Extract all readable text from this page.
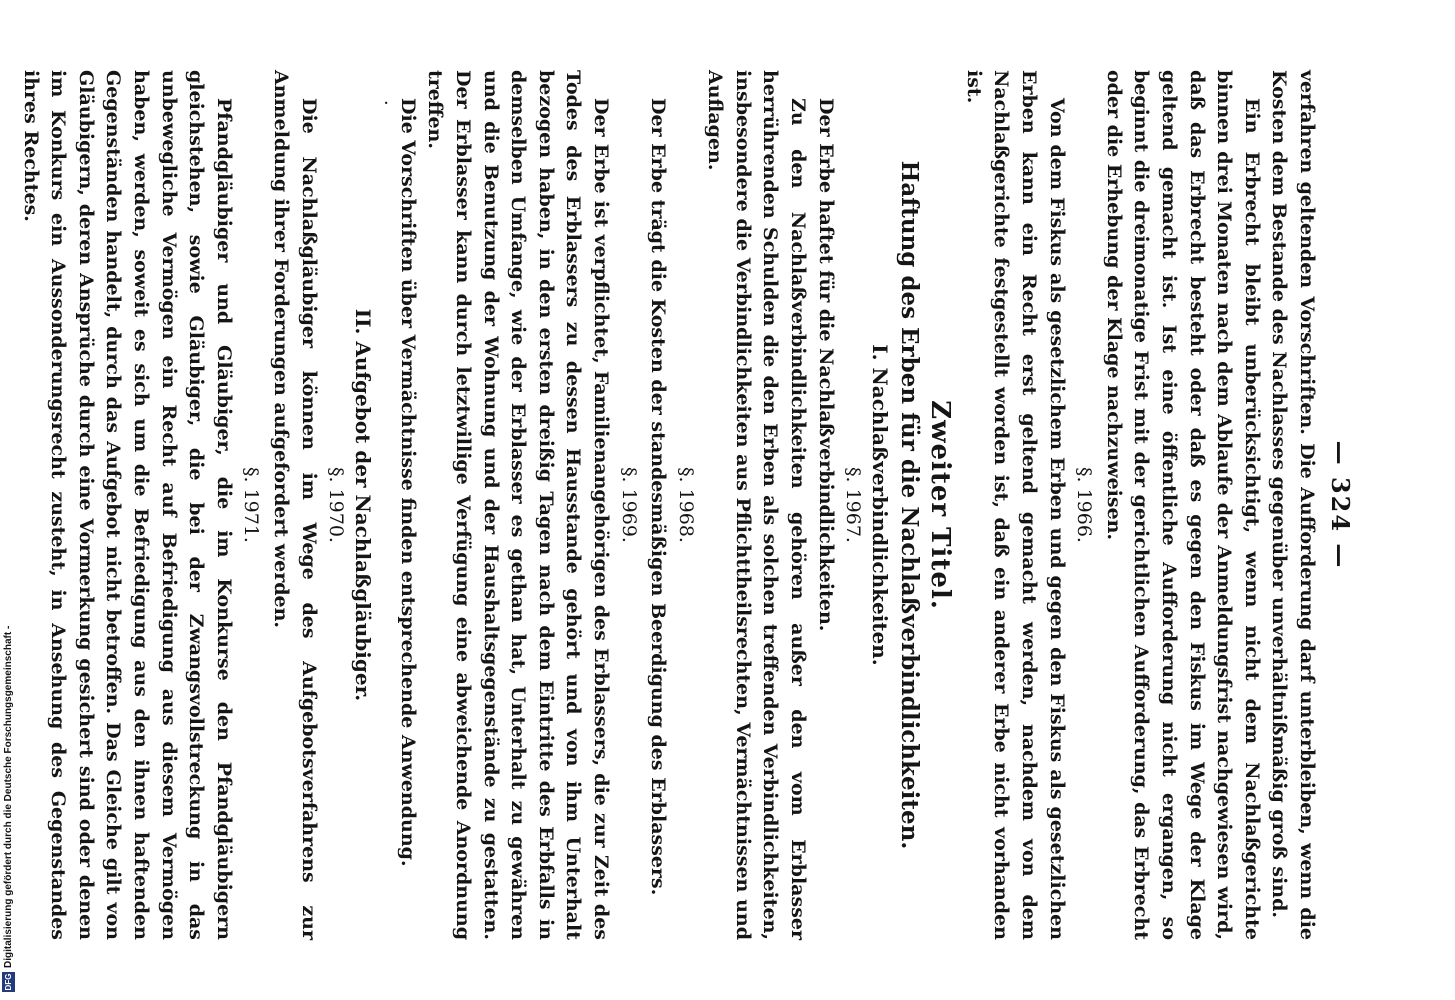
— 324 —

verfahren geltenden Vorschriften. Die Aufforderung darf unterbleiben, wenn die Kosten dem Bestande des Nachlasses gegenüber unverhältnißmäßig groß sind.

Ein Erbrecht bleibt unberücksichtigt, wenn nicht dem Nachlaßgerichte binnen drei Monaten nach dem Ablaufe der Anmeldungsfrist nachgewiesen wird, daß das Erbrecht besteht oder daß es gegen den Fiskus im Wege der Klage geltend gemacht ist. Ist eine öffentliche Aufforderung nicht ergangen, so beginnt die dreimonatige Frist mit der gerichtlichen Aufforderung, das Erbrecht oder die Erhebung der Klage nachzuweisen.

§. 1966.

Von dem Fiskus als gesetzlichem Erben und gegen den Fiskus als gesetzlichen Erben kann ein Recht erst geltend gemacht werden, nachdem von dem Nachlaßgerichte festgestellt worden ist, daß ein anderer Erbe nicht vorhanden ist.

Zweiter Titel.
Haftung des Erben für die Nachlaßverbindlichkeiten.
I. Nachlaßverbindlichkeiten.
§. 1967.

Der Erbe haftet für die Nachlaßverbindlichkeiten.

Zu den Nachlaßverbindlichkeiten gehören außer den vom Erblasser herrührenden Schulden die den Erben als solchen treffenden Verbindlichkeiten, insbesondere die Verbindlichkeiten aus Pflichttheilsrechten, Vermächtnissen und Auflagen.

§. 1968.

Der Erbe trägt die Kosten der standesmäßigen Beerdigung des Erblassers.

§. 1969.

Der Erbe ist verpflichtet, Familienangehörigen des Erblassers, die zur Zeit des Todes des Erblassers zu dessen Hausstande gehört und von ihm Unterhalt bezogen haben, in den ersten dreißig Tagen nach dem Eintritte des Erbfalls in demselben Umfange, wie der Erblasser es gethan hat, Unterhalt zu gewähren und die Benutzung der Wohnung und der Haushaltsgegenstände zu gestatten. Der Erblasser kann durch letztwillige Verfügung eine abweichende Anordnung treffen.

Die Vorschriften über Vermächtnisse finden entsprechende Anwendung.

·
II. Aufgebot der Nachlaßgläubiger.
§. 1970.

Die Nachlaßgläubiger können im Wege des Aufgebotsverfahrens zur Anmeldung ihrer Forderungen aufgefordert werden.

§. 1971.

Pfandgläubiger und Gläubiger, die im Konkurse den Pfandgläubigern gleichstehen, sowie Gläubiger, die bei der Zwangsvollstreckung in das unbewegliche Vermögen ein Recht auf Befriedigung aus diesem Vermögen haben, werden, soweit es sich um die Befriedigung aus den ihnen haftenden Gegenständen handelt, durch das Aufgebot nicht betroffen. Das Gleiche gilt von Gläubigern, deren Ansprüche durch eine Vormerkung gesichert sind oder denen im Konkurs ein Aussonderungsrecht zusteht, in Ansehung des Gegenstandes ihres Rechtes.

DFG
Digitalisierung gefördert durch die Deutsche Forschungsgemeinschaft -
